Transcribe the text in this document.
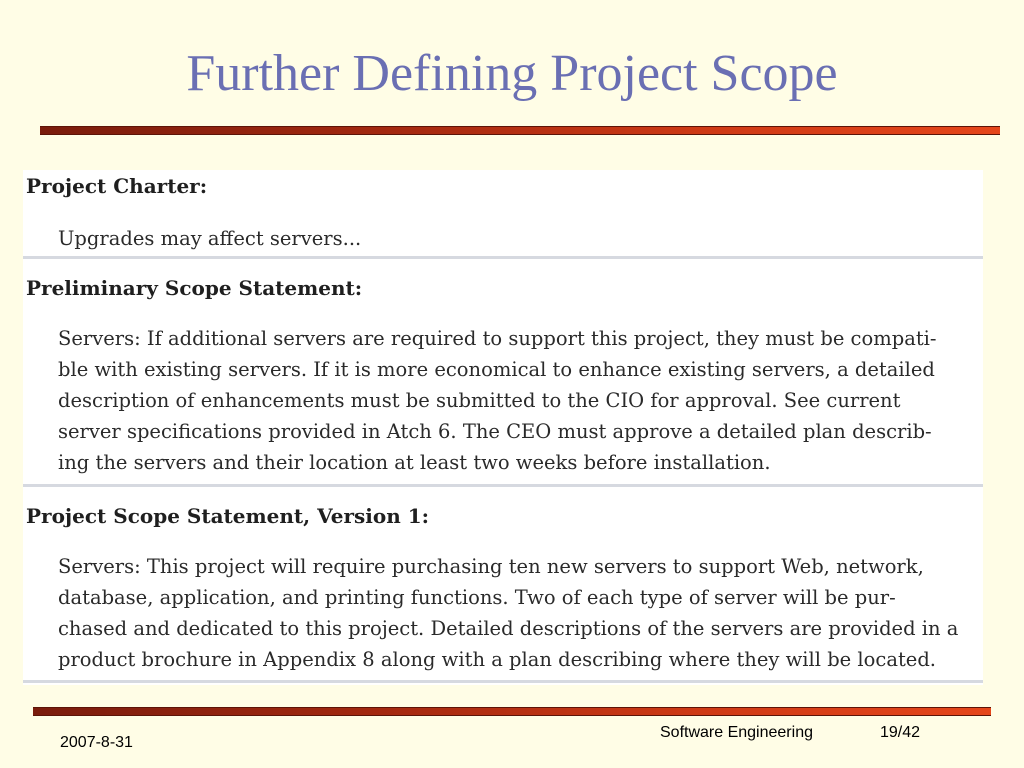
Further Defining Project Scope
Project Charter:
Upgrades may affect servers...
Preliminary Scope Statement:
Servers: If additional servers are required to support this project, they must be compati-
ble with existing servers. If it is more economical to enhance existing servers, a detailed
description of enhancements must be submitted to the CIO for approval. See current
server specifications provided in Atch 6. The CEO must approve a detailed plan describ-
ing the servers and their location at least two weeks before installation.
Project Scope Statement, Version 1:
Servers: This project will require purchasing ten new servers to support Web, network,
database, application, and printing functions. Two of each type of server will be pur-
chased and dedicated to this project. Detailed descriptions of the servers are provided in a
product brochure in Appendix 8 along with a plan describing where they will be located.
2007-8-31
Software Engineering	19/42
